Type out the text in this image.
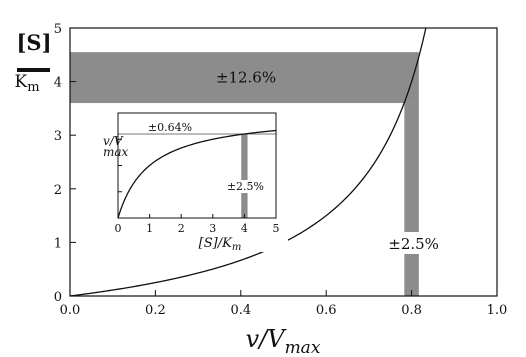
±12.6%
±2.5%
0.0	0.2	0.4	0.6	0.8	1.0
0
1
2
3
4
5
$v/V_{max}$
[S]
$K_m$
±2.5%
±0.64%
0 1 2 3 4 5
v/V max
$[S]/K_m$
